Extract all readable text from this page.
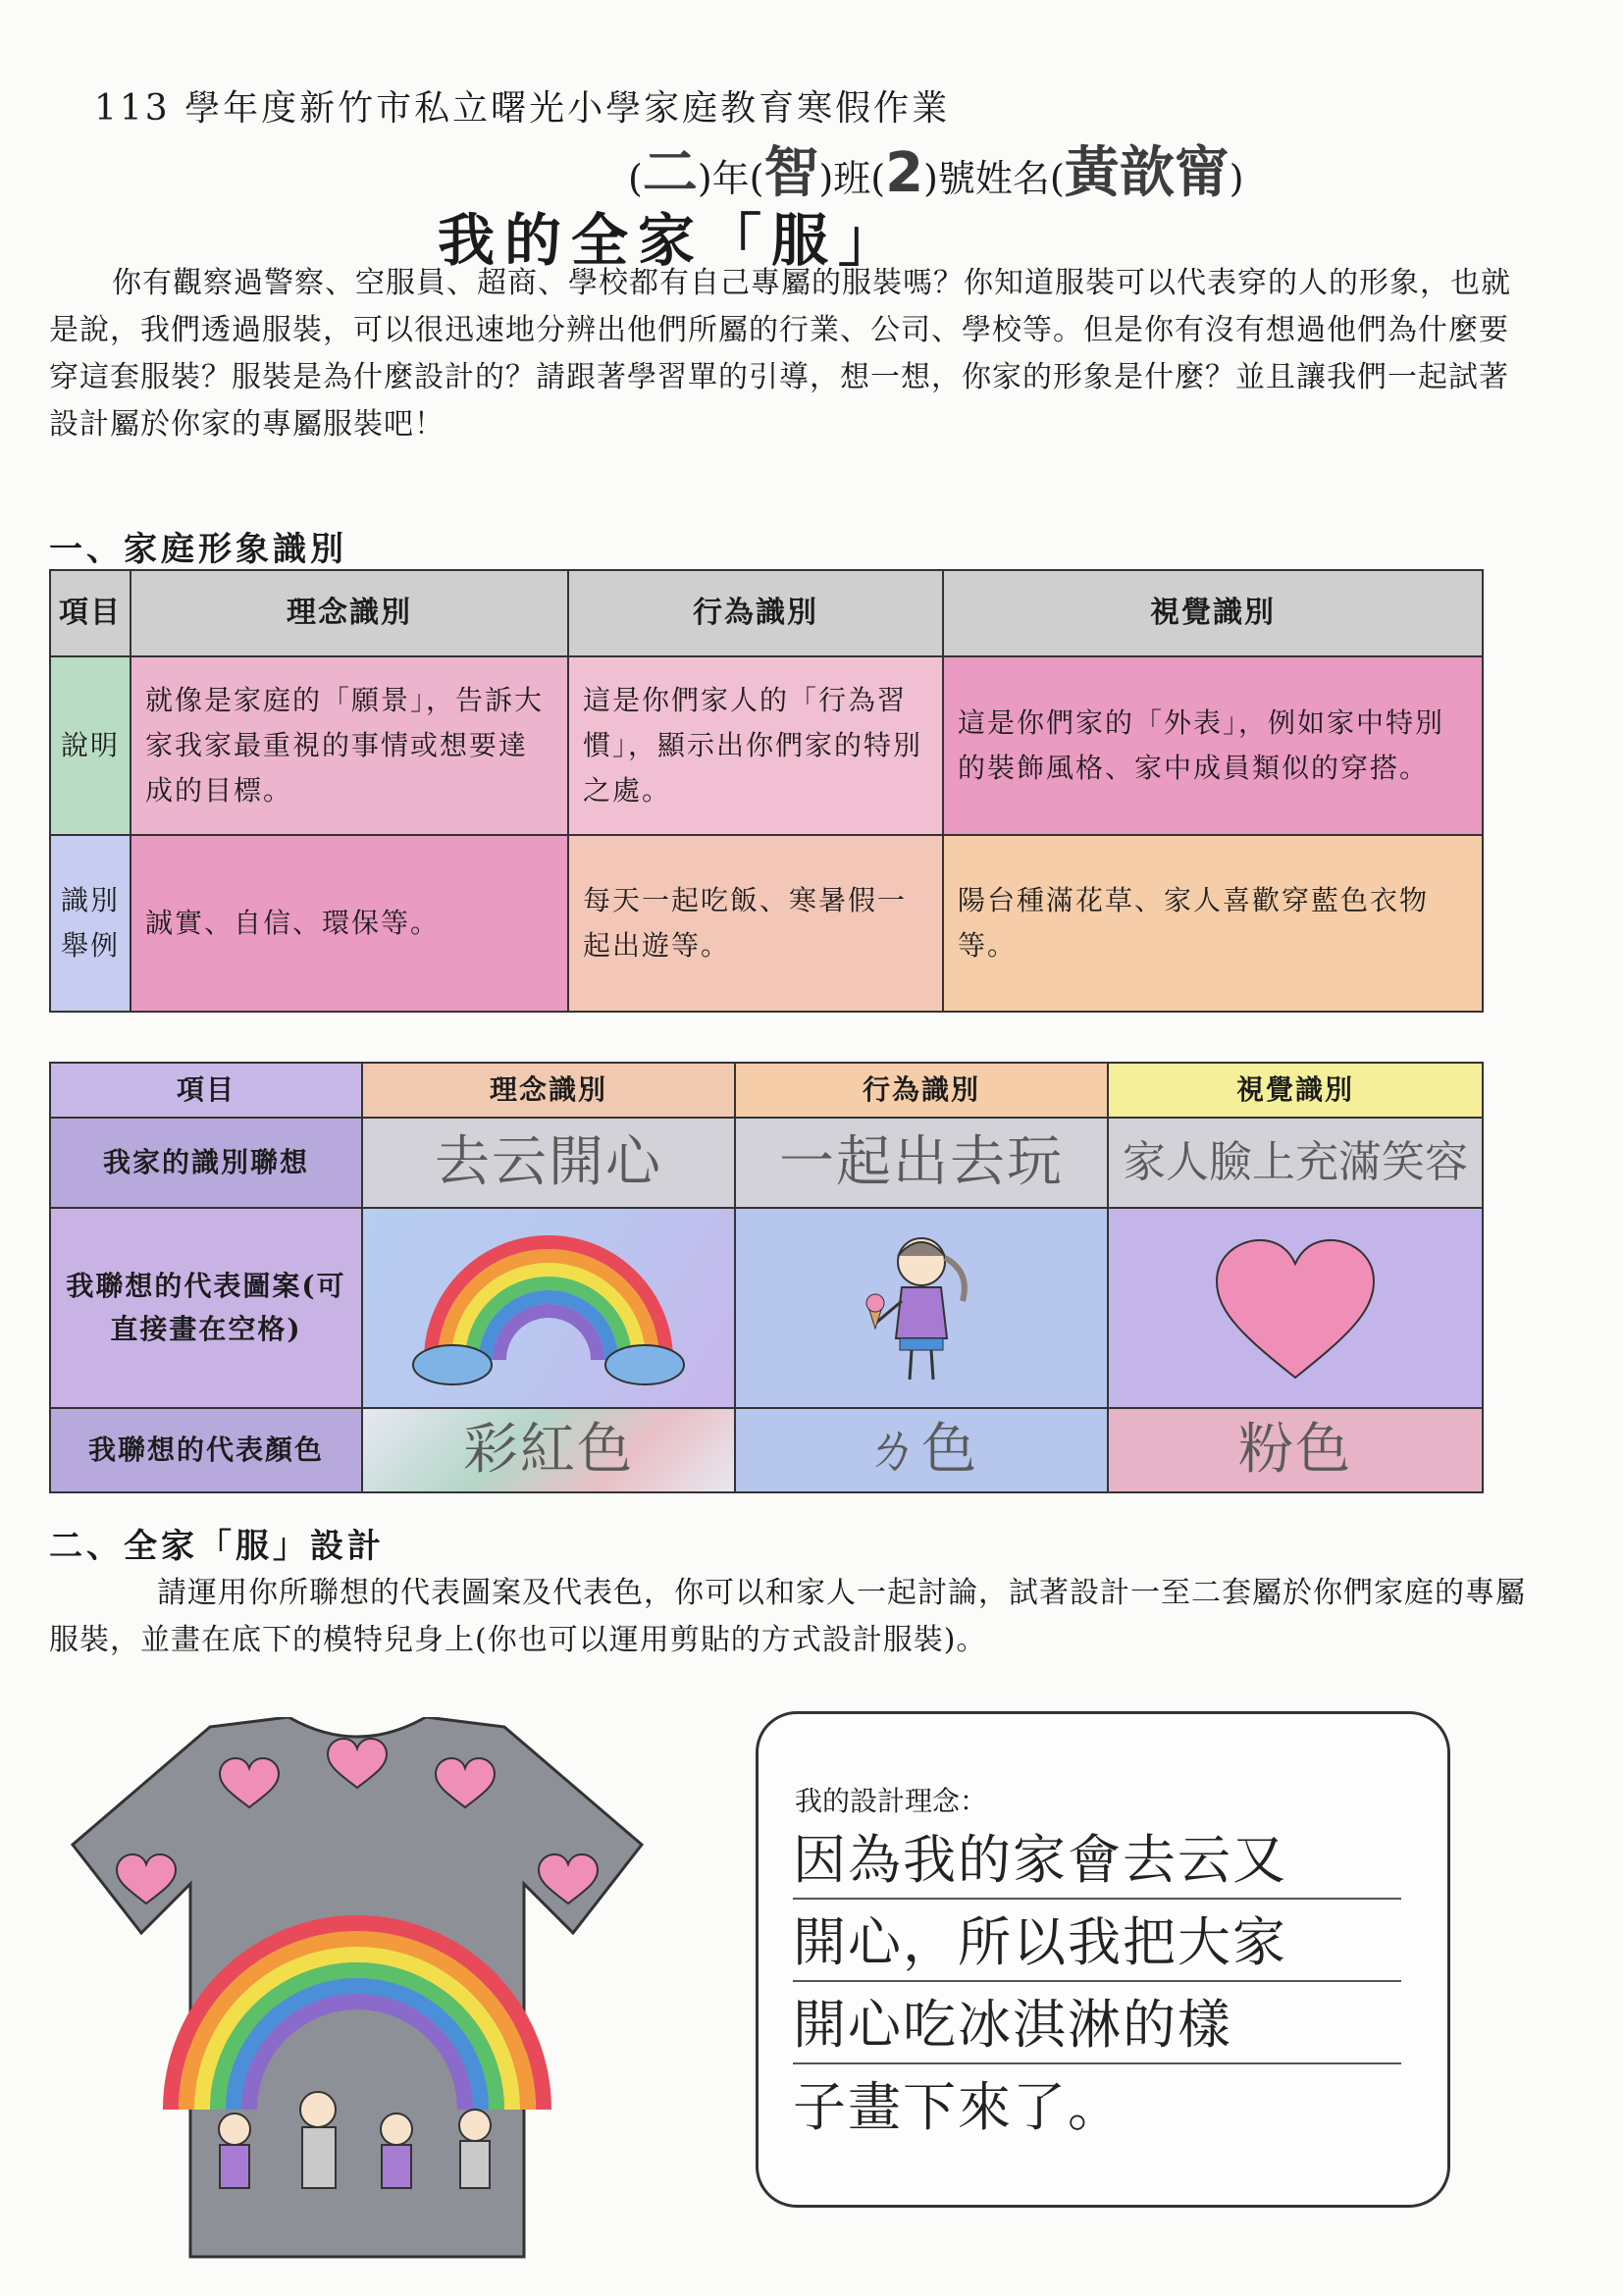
113 學年度新竹市私立曙光小學家庭教育寒假作業
(二)年(智)班(2)號姓名(黃歆甯)
我的全家「服」
你有觀察過警察、空服員、超商、學校都有自己專屬的服裝嗎？你知道服裝可以代表穿的人的形象，也就是說，我們透過服裝，可以很迅速地分辨出他們所屬的行業、公司、學校等。但是你有沒有想過他們為什麼要穿這套服裝？服裝是為什麼設計的？請跟著學習單的引導，想一想，你家的形象是什麼？並且讓我們一起試著設計屬於你家的專屬服裝吧！
一、家庭形象識別
項目	理念識別	行為識別	視覺識別
說明	就像是家庭的「願景」，告訴大家我家最重視的事情或想要達成的目標。	這是你們家人的「行為習慣」，顯示出你們家的特別之處。	這是你們家的「外表」，例如家中特別的裝飾風格、家中成員類似的穿搭。
識別舉例	誠實、自信、環保等。	每天一起吃飯、寒暑假一起出遊等。	陽台種滿花草、家人喜歡穿藍色衣物等。
項目	理念識別	行為識別	視覺識別
我家的識別聯想	去云開心	一起出去玩	家人臉上充滿笑容
我聯想的代表圖案(可直接畫在空格)			
我聯想的代表顏色	彩紅色	ㄌ色	粉色
二、全家「服」設計
請運用你所聯想的代表圖案及代表色，你可以和家人一起討論，試著設計一至二套屬於你們家庭的專屬服裝，並畫在底下的模特兒身上(你也可以運用剪貼的方式設計服裝)。
我的設計理念：
因為我的家會去云又
開心，所以我把大家
開心吃冰淇淋的樣
子畫下來了。
